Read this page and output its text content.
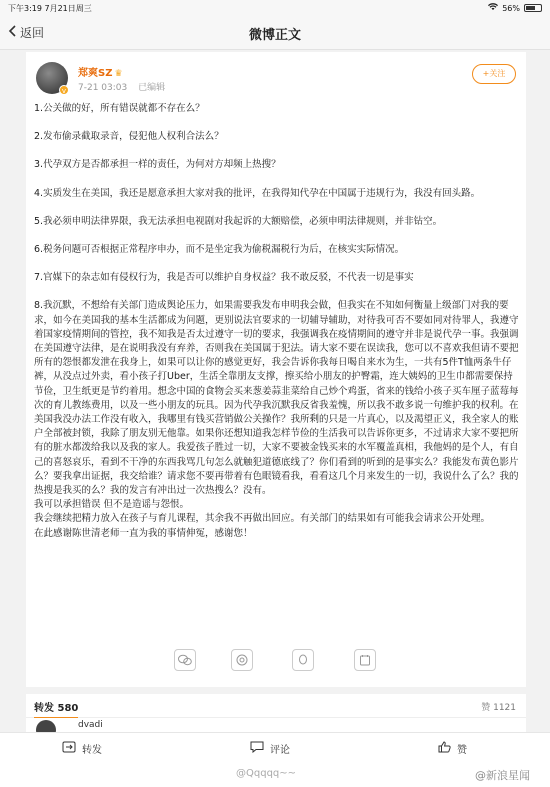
下午3:19 7月21日周三	56%
返回	微博正文
v
郑爽SZ ♛
7-21 03:03 已编辑
+关注

1.公关做的好，所有错误就都不存在么？

2.发布偷录截取录音，侵犯他人权利合法么？

3.代孕双方是否都承担一样的责任，为何对方却频上热搜？

4.实质发生在美国，我还是愿意承担大家对我的批评，在我得知代孕在中国属于违规行为，我没有回头路。

5.我必须申明法律界限，我无法承担电视剧对我起诉的大额赔偿，必须申明法律规则，并非钻空。

6.税务问题可否根据正常程序申办，而不是坐定我为偷税漏税行为后，在核实实际情况。

7.官媒下的杂志如有侵权行为，我是否可以维护自身权益？我不敢反驳，不代表一切是事实

8.我沉默，不想给有关部门造成舆论压力，如果需要我发布申明我会做，但我实在不知如何衡量上级部门对我的要求，如今在美国我的基本生活都成为问题，更别说法官要求的一切辅导辅助，对待我可否不要如同对待罪人，我遵守着国家疫情期间的管控，我不知我是否太过遵守一切的要求，我强调我在疫情期间的遵守并非是说代孕一事。我强调在美国遵守法律，是在说明我没有弃养，否则我在美国属于犯法。请大家不要在误读我，您可以不喜欢我但请不要把所有的怨恨都发泄在我身上，如果可以让你的感觉更好，我会告诉你我每日喝自来水为生，一共有5件T恤两条牛仔裤，从没点过外卖，看小孩子打Uber，生活全靠朋友支撑，擦买给小朋友的护臀霜，连大姨妈的卫生巾都需要保持节俭，卫生纸更是节约着用。想念中国的食物会买来葱姜蒜韭菜给自己炒个鸡蛋，省来的钱给小孩子买车厘子蓝莓每次的育儿教练费用，以及一些小朋友的玩具。因为代孕我沉默我反省我羞愧，所以我不敢多说一句维护我的权利。在美国我没办法工作没有收入，我哪里有钱买营销做公关操作？我所剩的只是一片真心，以及渴望正义，我全家人的账户全部被封锁，我除了朋友别无他靠。如果你还想知道我怎样节俭的生活我可以告诉你更多，不过请求大家不要把所有的脏水都泼给我以及我的家人。我爱孩子胜过一切，大家不要被金钱买来的水军覆盖真相，我他妈的是个人，有自己的喜怒哀乐，看到不干净的东西我骂几句怎么就触犯道德底线了？你们看到的听到的是事实么？我能发布黄色影片么？要我拿出证据，我交给谁？请求您不要再带着有色眼镜看我，看看这几个月来发生的一切，我说什么了么？我的热搜是我买的么？我的发言有冲出过一次热搜么？没有。

我可以承担错误 但不是造谣与怨恨。

我会继续把精力放入在孩子与育儿课程，其余我不再做出回应。有关部门的结果如有可能我会请求公开处理。

在此感谢陈世清老师一直为我的事情伸冤，感谢您！

转发 580	赞 1121
dvadi
转发	评论	赞
@Qqqqq~~	@新浪星闻
